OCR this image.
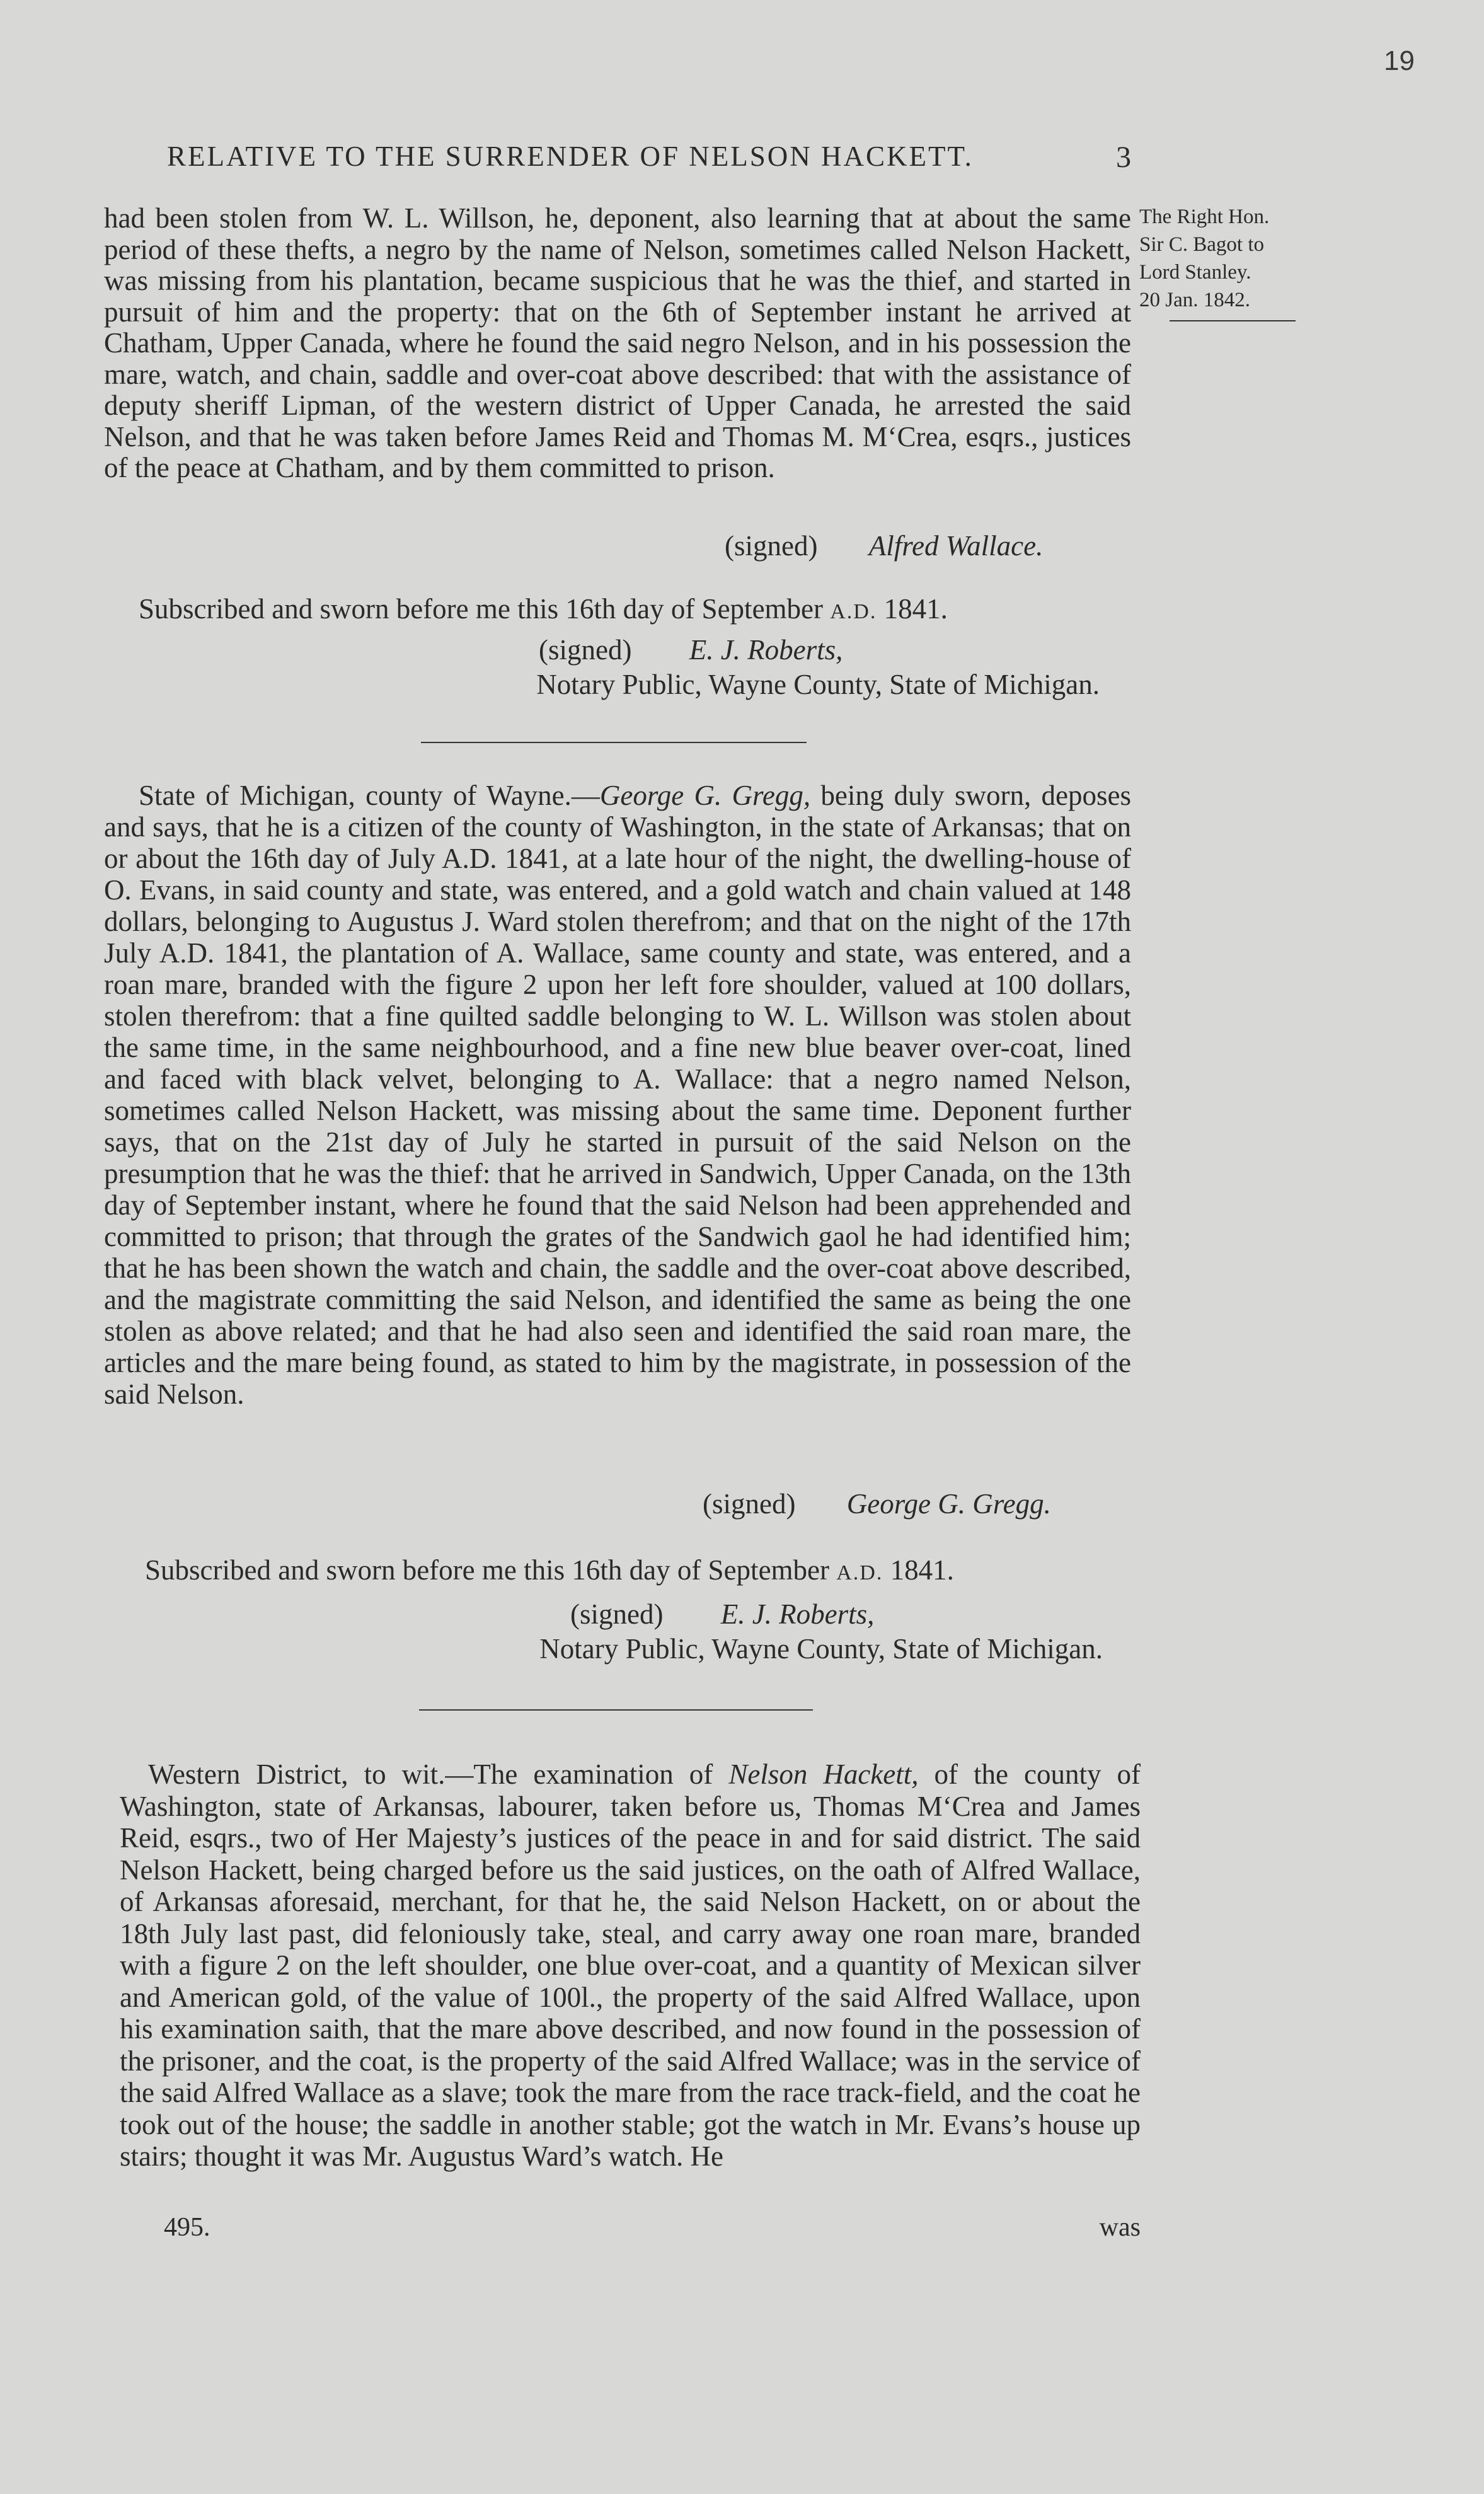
19
RELATIVE TO THE SURRENDER OF NELSON HACKETT.	3
The Right Hon.
Sir C. Bagot to
Lord Stanley.
20 Jan. 1842.

had been stolen from W. L. Willson, he, deponent, also learning that at about the same period of these thefts, a negro by the name of Nelson, sometimes called Nelson Hackett, was missing from his plantation, became suspicious that he was the thief, and started in pursuit of him and the property: that on the 6th of September instant he arrived at Chatham, Upper Canada, where he found the said negro Nelson, and in his possession the mare, watch, and chain, saddle and over-coat above described: that with the assistance of deputy sheriff Lipman, of the western district of Upper Canada, he arrested the said Nelson, and that he was taken before James Reid and Thomas M. M‘Crea, esqrs., justices of the peace at Chatham, and by them committed to prison.

(signed) Alfred Wallace.
Subscribed and sworn before me this 16th day of September A.D. 1841.
(signed) E. J. Roberts,
Notary Public, Wayne County, State of Michigan.

State of Michigan, county of Wayne.—George G. Gregg, being duly sworn, deposes and says, that he is a citizen of the county of Washington, in the state of Arkansas; that on or about the 16th day of July A.D. 1841, at a late hour of the night, the dwelling-house of O. Evans, in said county and state, was entered, and a gold watch and chain valued at 148 dollars, belonging to Augustus J. Ward stolen therefrom; and that on the night of the 17th July A.D. 1841, the plantation of A. Wallace, same county and state, was entered, and a roan mare, branded with the figure 2 upon her left fore shoulder, valued at 100 dollars, stolen therefrom: that a fine quilted saddle belonging to W. L. Willson was stolen about the same time, in the same neighbourhood, and a fine new blue beaver over-coat, lined and faced with black velvet, belonging to A. Wallace: that a negro named Nelson, sometimes called Nelson Hackett, was missing about the same time. Deponent further says, that on the 21st day of July he started in pursuit of the said Nelson on the presumption that he was the thief: that he arrived in Sandwich, Upper Canada, on the 13th day of September instant, where he found that the said Nelson had been apprehended and committed to prison; that through the grates of the Sandwich gaol he had identified him; that he has been shown the watch and chain, the saddle and the over-coat above described, and the magistrate committing the said Nelson, and identified the same as being the one stolen as above related; and that he had also seen and identified the said roan mare, the articles and the mare being found, as stated to him by the magistrate, in possession of the said Nelson.

(signed) George G. Gregg.
Subscribed and sworn before me this 16th day of September A.D. 1841.
(signed) E. J. Roberts,
Notary Public, Wayne County, State of Michigan.

Western District, to wit.—The examination of Nelson Hackett, of the county of Washington, state of Arkansas, labourer, taken before us, Thomas M‘Crea and James Reid, esqrs., two of Her Majesty’s justices of the peace in and for said district. The said Nelson Hackett, being charged before us the said justices, on the oath of Alfred Wallace, of Arkansas aforesaid, merchant, for that he, the said Nelson Hackett, on or about the 18th July last past, did feloniously take, steal, and carry away one roan mare, branded with a figure 2 on the left shoulder, one blue over-coat, and a quantity of Mexican silver and American gold, of the value of 100l., the property of the said Alfred Wallace, upon his examination saith, that the mare above described, and now found in the possession of the prisoner, and the coat, is the property of the said Alfred Wallace; was in the service of the said Alfred Wallace as a slave; took the mare from the race track-field, and the coat he took out of the house; the saddle in another stable; got the watch in Mr. Evans’s house up stairs; thought it was Mr. Augustus Ward’s watch. He

495.	was
